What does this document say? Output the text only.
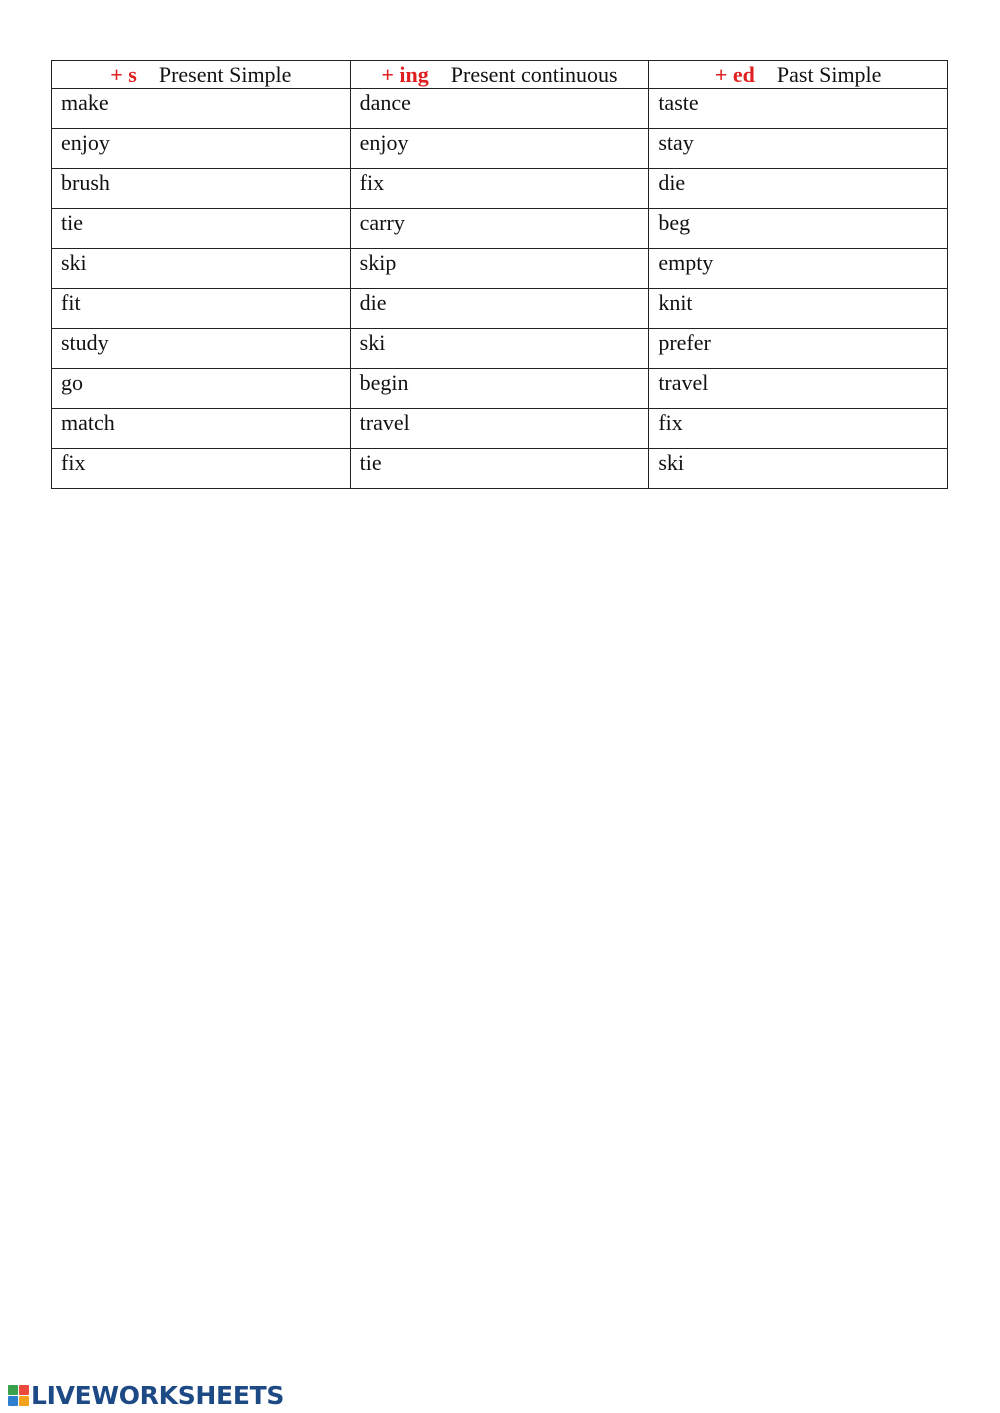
+ s Present Simple	+ ing Present continuous	+ ed Past Simple
make	dance	taste
enjoy	enjoy	stay
brush	fix	die
tie	carry	beg
ski	skip	empty
fit	die	knit
study	ski	prefer
go	begin	travel
match	travel	fix
fix	tie	ski
LIVEWORKSHEETS
